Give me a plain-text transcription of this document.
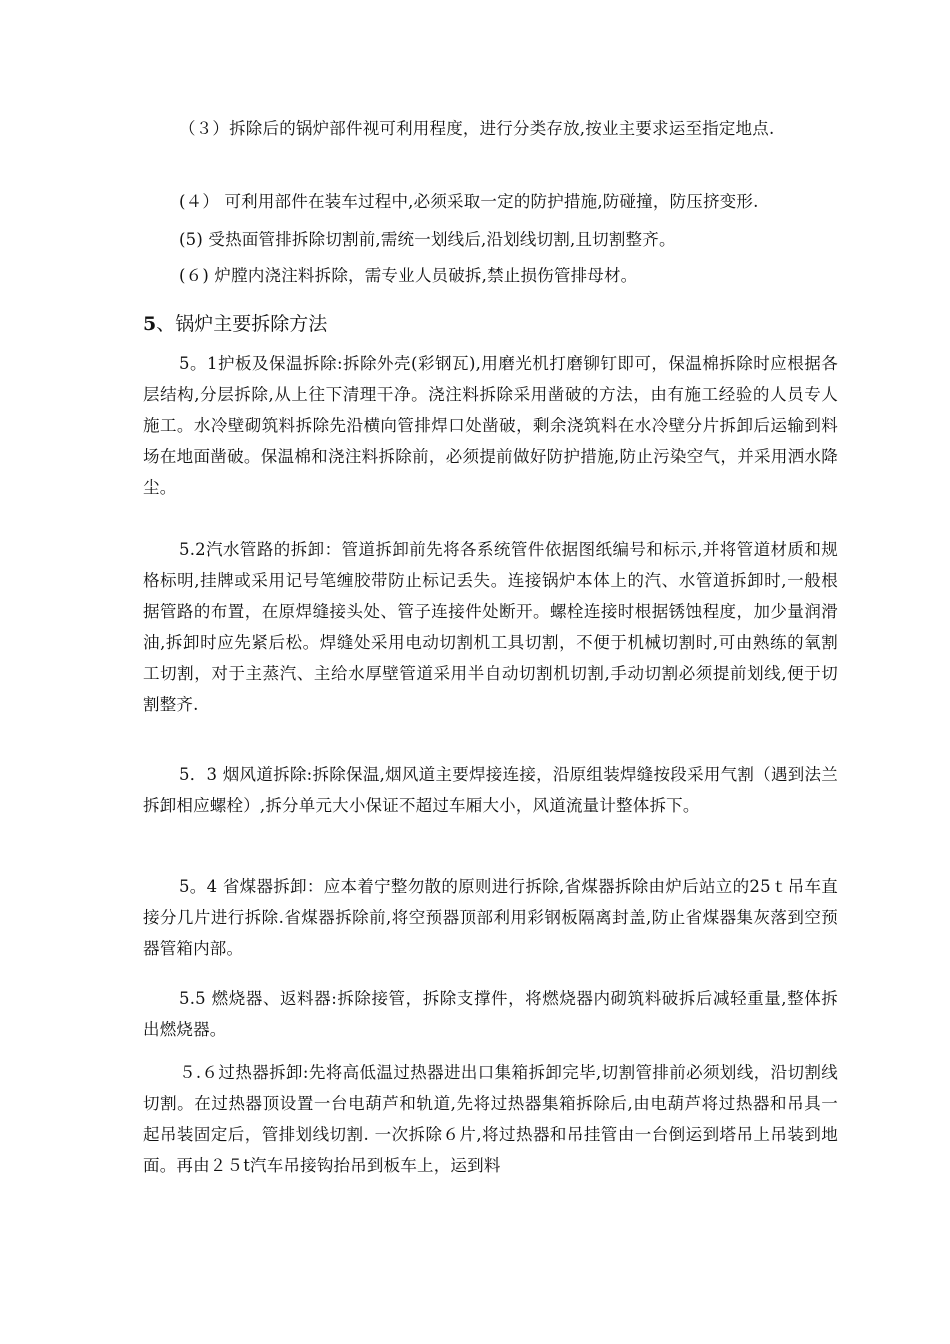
（３）拆除后的锅炉部件视可利用程度，进行分类存放,按业主要求运至指定地点.

(４） 可利用部件在装车过程中,必须采取一定的防护措施,防碰撞，防压挤变形.

(5) 受热面管排拆除切割前,需统一划线后,沿划线切割,且切割整齐。

(６) 炉膛内浇注料拆除，需专业人员破拆,禁止损伤管排母材。

5、锅炉主要拆除方法

5。1护板及保温拆除:拆除外壳(彩钢瓦),用磨光机打磨铆钉即可，保温棉拆除时应根据各层结构,分层拆除,从上往下清理干净。浇注料拆除采用凿破的方法，由有施工经验的人员专人施工。水冷壁砌筑料拆除先沿横向管排焊口处凿破，剩余浇筑料在水冷壁分片拆卸后运输到料场在地面凿破。保温棉和浇注料拆除前，必须提前做好防护措施,防止污染空气，并采用洒水降尘。

5.2汽水管路的拆卸：管道拆卸前先将各系统管件依据图纸编号和标示,并将管道材质和规格标明,挂牌或采用记号笔缠胶带防止标记丢失。连接锅炉本体上的汽、水管道拆卸时,一般根据管路的布置，在原焊缝接头处、管子连接件处断开。螺栓连接时根据锈蚀程度，加少量润滑油,拆卸时应先紧后松。焊缝处采用电动切割机工具切割，不便于机械切割时,可由熟练的氧割工切割，对于主蒸汽、主给水厚壁管道采用半自动切割机切割,手动切割必须提前划线,便于切割整齐.

5．3 烟风道拆除:拆除保温,烟风道主要焊接连接，沿原组装焊缝按段采用气割（遇到法兰拆卸相应螺栓）,拆分单元大小保证不超过车厢大小，风道流量计整体拆下。

5。4 省煤器拆卸：应本着宁整勿散的原则进行拆除,省煤器拆除由炉后站立的25ｔ吊车直接分几片进行拆除.省煤器拆除前,将空预器顶部利用彩钢板隔离封盖,防止省煤器集灰落到空预器管箱内部。

5.5 燃烧器、返料器:拆除接管，拆除支撑件，将燃烧器内砌筑料破拆后减轻重量,整体拆出燃烧器。

５.６过热器拆卸:先将高低温过热器进出口集箱拆卸完毕,切割管排前必须划线，沿切割线切割。在过热器顶设置一台电葫芦和轨道,先将过热器集箱拆除后,由电葫芦将过热器和吊具一起吊装固定后，管排划线切割. 一次拆除６片,将过热器和吊挂管由一台倒运到塔吊上吊装到地面。再由２５t汽车吊接钩抬吊到板车上，运到料
